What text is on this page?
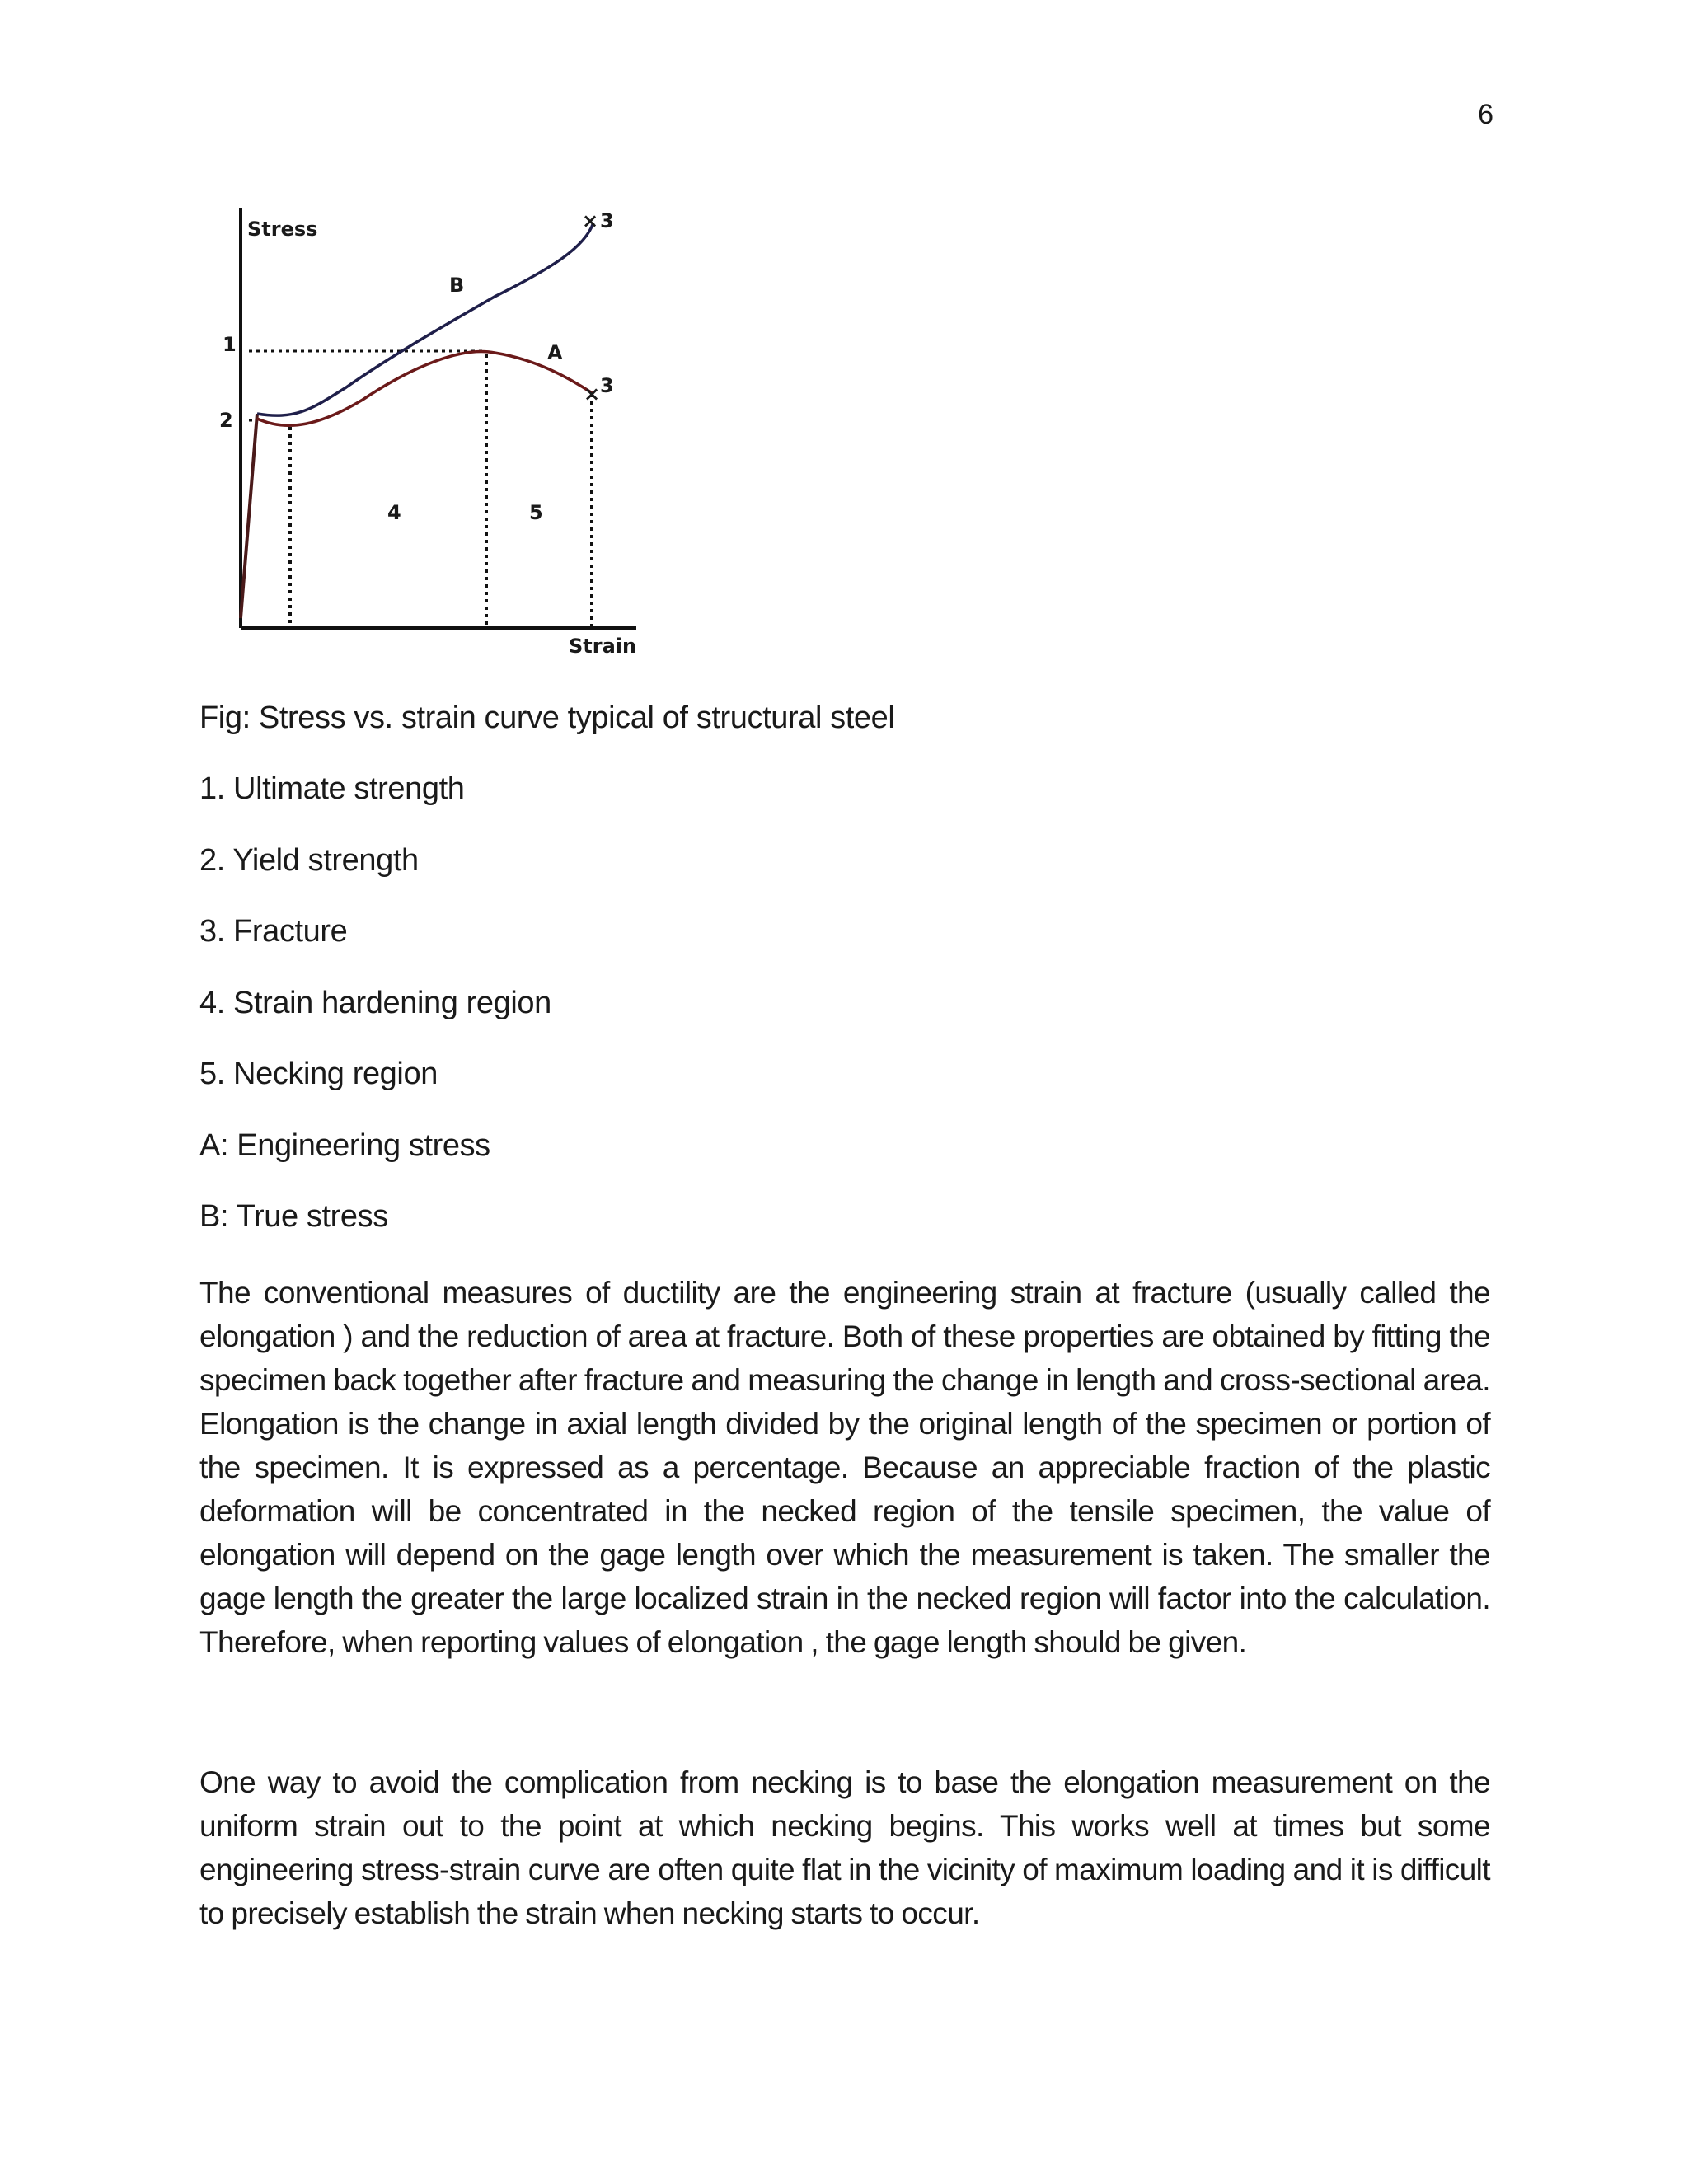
6
×
×
Stress
Strain
B
A
1
2
3
3
4	5
Fig: Stress vs. strain curve typical of structural steel
1. Ultimate strength
2. Yield strength
3. Fracture
4. Strain hardening region
5. Necking region
A: Engineering stress
B: True stress

The conventional measures of ductility are the engineering strain at fracture (usually called the elongation ) and the reduction of area at fracture. Both of these properties are obtained by fitting the specimen back together after fracture and measuring the change in length and cross-sectional area. Elongation is the change in axial length divided by the original length of the specimen or portion of the specimen. It is expressed as a percentage. Because an appreciable fraction of the plastic deformation will be concentrated in the necked region of the tensile specimen, the value of elongation will depend on the gage length over which the measurement is taken. The smaller the gage length the greater the large localized strain in the necked region will factor into the calculation. Therefore, when reporting values of elongation , the gage length should be given.

One way to avoid the complication from necking is to base the elongation measurement on the uniform strain out to the point at which necking begins. This works well at times but some engineering stress-strain curve are often quite flat in the vicinity of maximum loading and it is difficult to precisely establish the strain when necking starts to occur.
